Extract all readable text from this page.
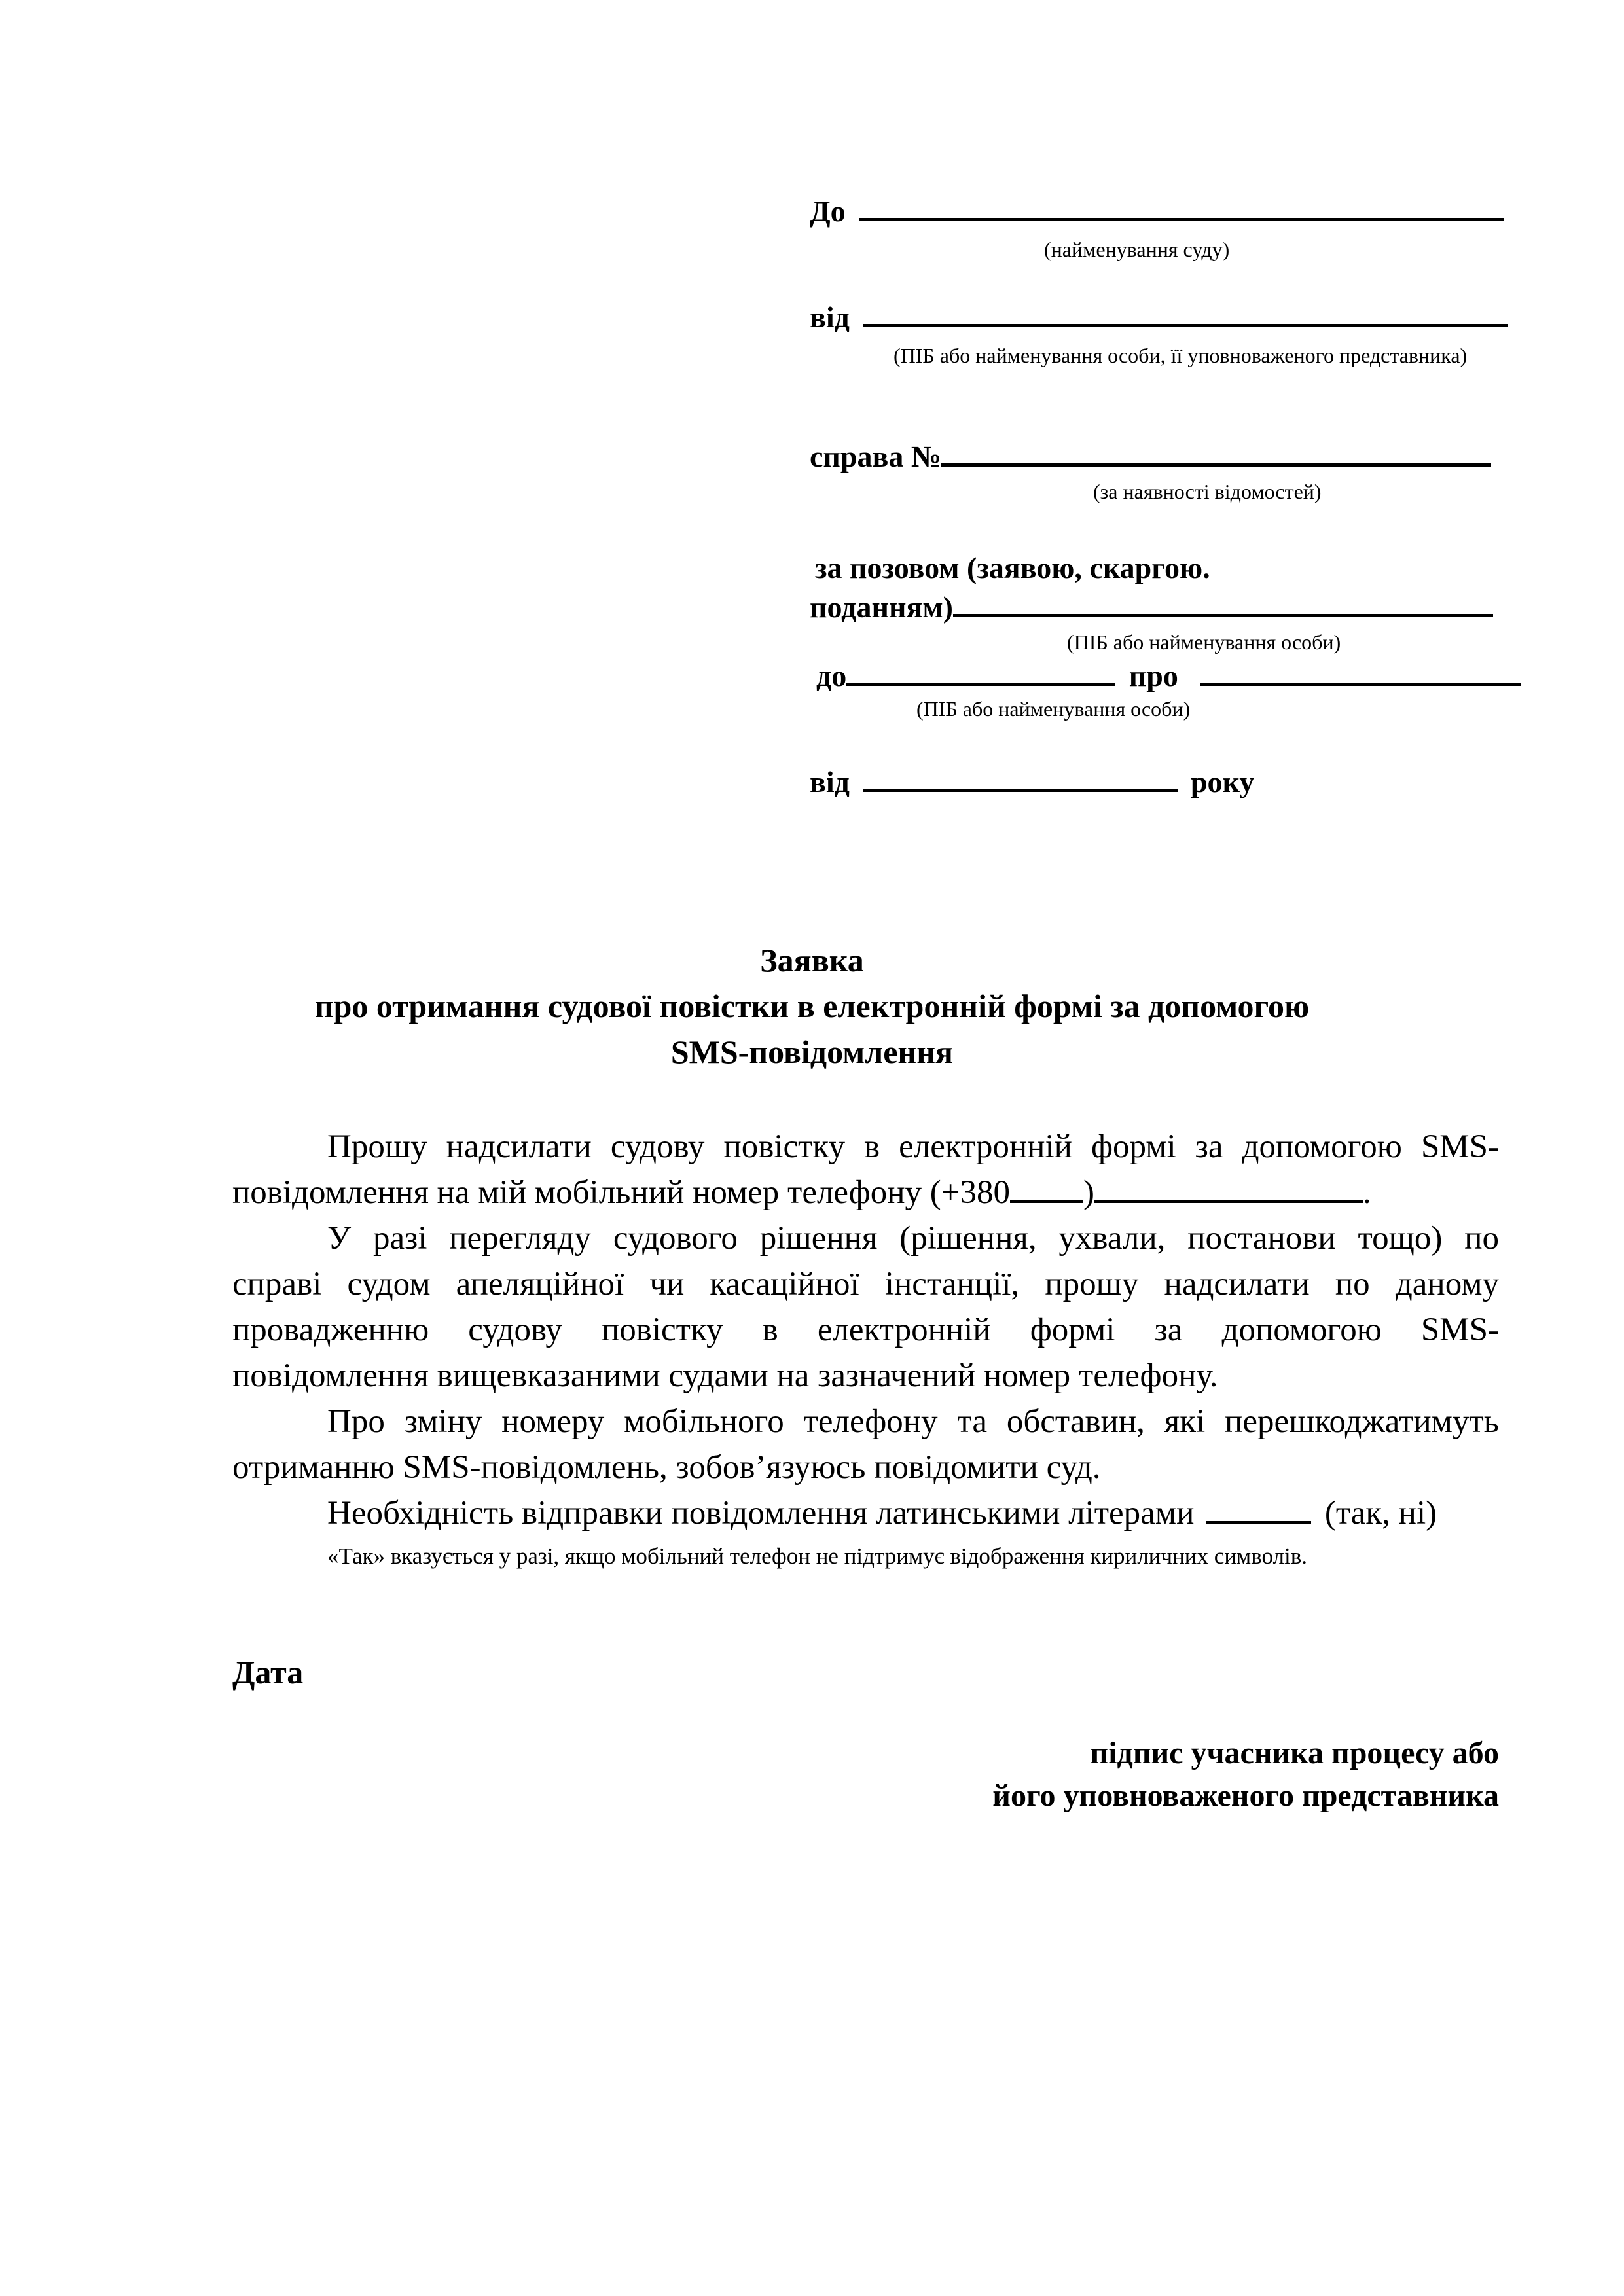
До
(найменування суду)
від
(ПІБ або найменування особи, її уповноваженого представника)
справа №
(за наявності відомостей)
за позовом (заявою, скаргою.
поданням)
(ПІБ або найменування особи)
до	про
(ПІБ або найменування особи)
від	року
Заявка
про отримання судової повістки в електронній формі за допомогою
SMS-повідомлення
Прошу надсилати судову повістку в електронній формі за допомогою SMS-
повідомлення на мій мобільний номер телефону (+380 )	.
У разі перегляду судового рішення (рішення, ухвали, постанови тощо) по
справі судом апеляційної чи касаційної інстанції, прошу надсилати по даному
провадженню судову повістку в електронній формі за допомогою SMS-
повідомлення вищевказаними судами на зазначений номер телефону.
Про зміну номеру мобільного телефону та обставин, які перешкоджатимуть
отриманню SMS-повідомлень, зобов’язуюсь повідомити суд.
Необхідність відправки повідомлення латинськими літерами	(так, ні)
«Так» вказується у разі, якщо мобільний телефон не підтримує відображення кириличних символів.
Дата
підпис учасника процесу або
його уповноваженого представника
